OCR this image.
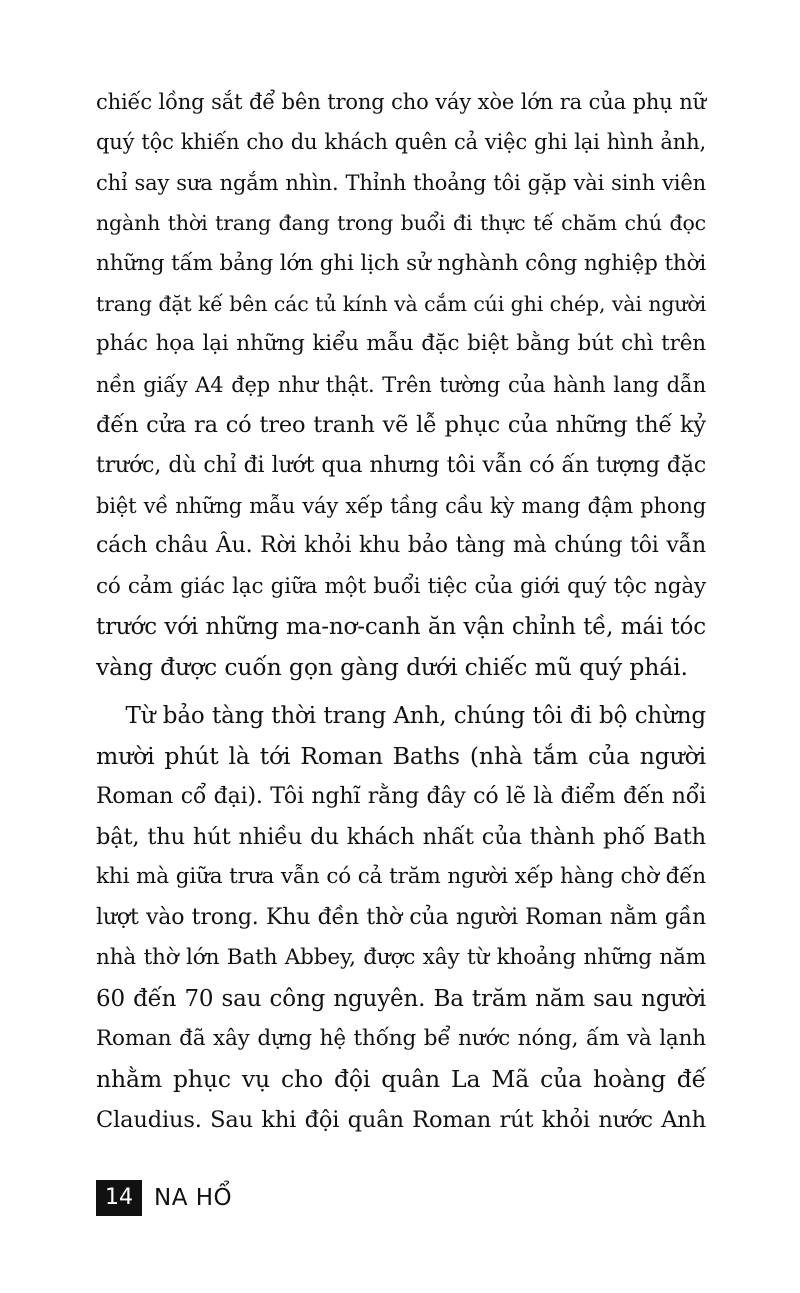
chiếc lồng sắt để bên trong cho váy xòe lớn ra của phụ nữ
quý tộc khiến cho du khách quên cả việc ghi lại hình ảnh,
chỉ say sưa ngắm nhìn. Thỉnh thoảng tôi gặp vài sinh viên
ngành thời trang đang trong buổi đi thực tế chăm chú đọc
những tấm bảng lớn ghi lịch sử nghành công nghiệp thời
trang đặt kế bên các tủ kính và cắm cúi ghi chép, vài người
phác họa lại những kiểu mẫu đặc biệt bằng bút chì trên
nền giấy A4 đẹp như thật. Trên tường của hành lang dẫn
đến cửa ra có treo tranh vẽ lễ phục của những thế kỷ
trước, dù chỉ đi lướt qua nhưng tôi vẫn có ấn tượng đặc
biệt về những mẫu váy xếp tầng cầu kỳ mang đậm phong
cách châu Âu. Rời khỏi khu bảo tàng mà chúng tôi vẫn
có cảm giác lạc giữa một buổi tiệc của giới quý tộc ngày
trước với những ma-nơ-canh ăn vận chỉnh tề, mái tóc
vàng được cuốn gọn gàng dưới chiếc mũ quý phái.
Từ bảo tàng thời trang Anh, chúng tôi đi bộ chừng
mười phút là tới Roman Baths (nhà tắm của người
Roman cổ đại). Tôi nghĩ rằng đây có lẽ là điểm đến nổi
bật, thu hút nhiều du khách nhất của thành phố Bath
khi mà giữa trưa vẫn có cả trăm người xếp hàng chờ đến
lượt vào trong. Khu đền thờ của người Roman nằm gần
nhà thờ lớn Bath Abbey, được xây từ khoảng những năm
60 đến 70 sau công nguyên. Ba trăm năm sau người
Roman đã xây dựng hệ thống bể nước nóng, ấm và lạnh
nhằm phục vụ cho đội quân La Mã của hoàng đế
Claudius. Sau khi đội quân Roman rút khỏi nước Anh
14 NA HỔ
